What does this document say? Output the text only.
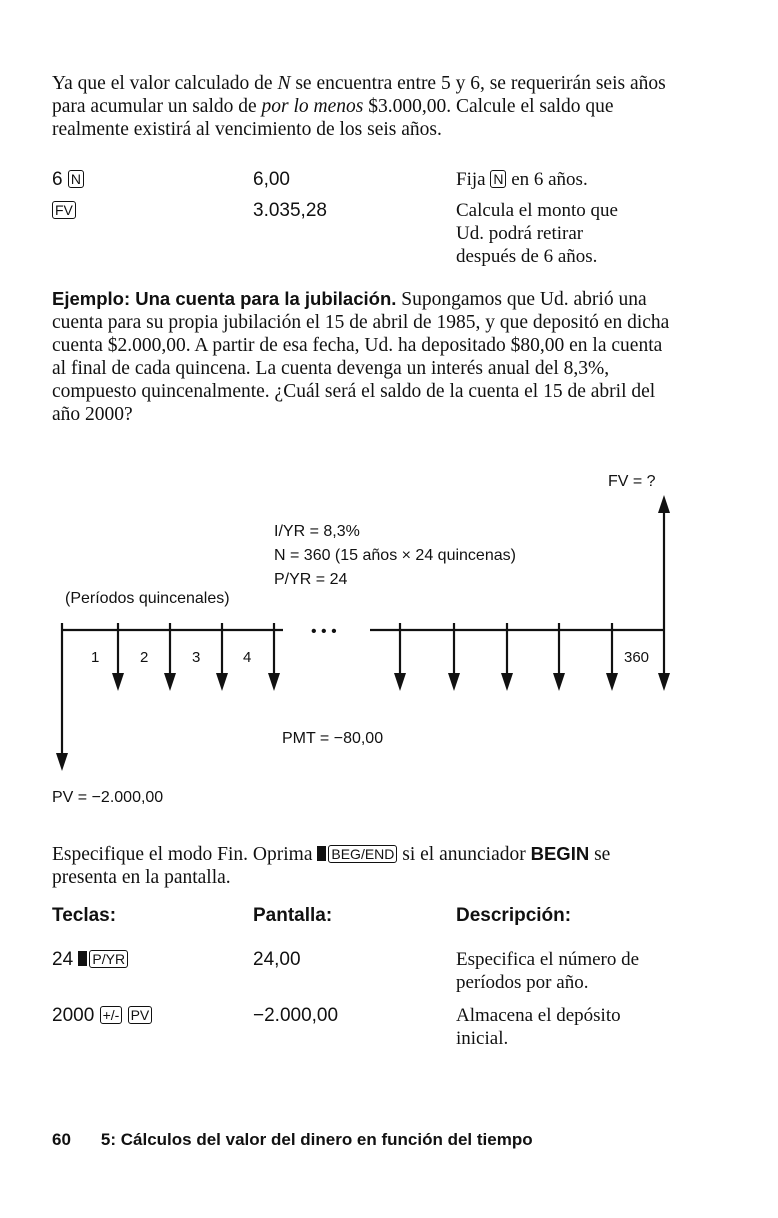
Ya que el valor calculado de N se encuentra entre 5 y 6, se requerirán seis años para acumular un saldo de por lo menos $3.000,00. Calcule el saldo que realmente existirá al vencimiento de los seis años.
6 N	6,00	Fija N en 6 años.
FV	3.035,28	Calcula el monto que Ud. podrá retirar después de 6 años.
Ejemplo: Una cuenta para la jubilación. Supongamos que Ud. abrió una cuenta para su propia jubilación el 15 de abril de 1985, y que depositó en dicha cuenta $2.000,00. A partir de esa fecha, Ud. ha depositado $80,00 en la cuenta al final de cada quincena. La cuenta devenga un interés anual del 8,3%, compuesto quincenalmente. ¿Cuál será el saldo de la cuenta el 15 de abril del año 2000?
• • •
FV = ?
I/YR = 8,3%
N = 360 (15 años × 24 quincenas)
P/YR = 24
(Períodos quincenales)
1	2	3	4	360
PMT = −80,00
PV = −2.000,00
Especifique el modo Fin. Oprima BEG/END si el anunciador BEGIN se presenta en la pantalla.
Teclas:	Pantalla:	Descripción:
24 P/YR	24,00	Especifica el número de períodos por año.
2000 +/- PV	−2.000,00	Almacena el depósito inicial.
60 5: Cálculos del valor del dinero en función del tiempo
